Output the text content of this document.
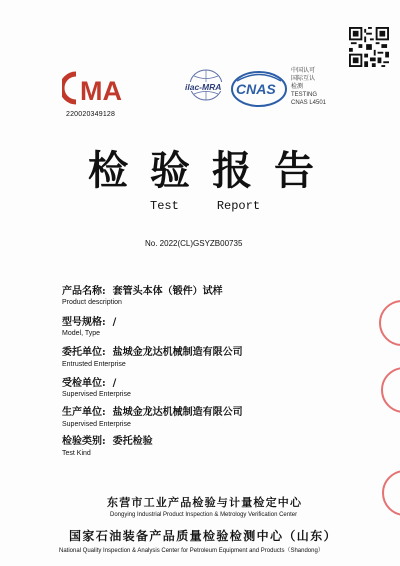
MA
220020349128
ilac-MRA CNAS
中国认可
国际互认
检测
TESTING
CNAS L4501
检验报告
Test	Report
No. 2022(CL)GSYZB00735
产品名称: 套管头本体（锻件）试样
Product description
型号规格: /
Model, Type
委托单位: 盐城金龙达机械制造有限公司
Entrusted Enterprise
受检单位: /
Supervised Enterprise
生产单位: 盐城金龙达机械制造有限公司
Supervised Enterprise
检验类别: 委托检验
Test Kind
东营市工业产品检验与计量检定中心
Dongying Industrial Product Inspection & Metrology Verification Center
国家石油装备产品质量检验检测中心（山东）
National Quality Inspection & Analysis Center for Petroleum Equipment and Products（Shandong）
